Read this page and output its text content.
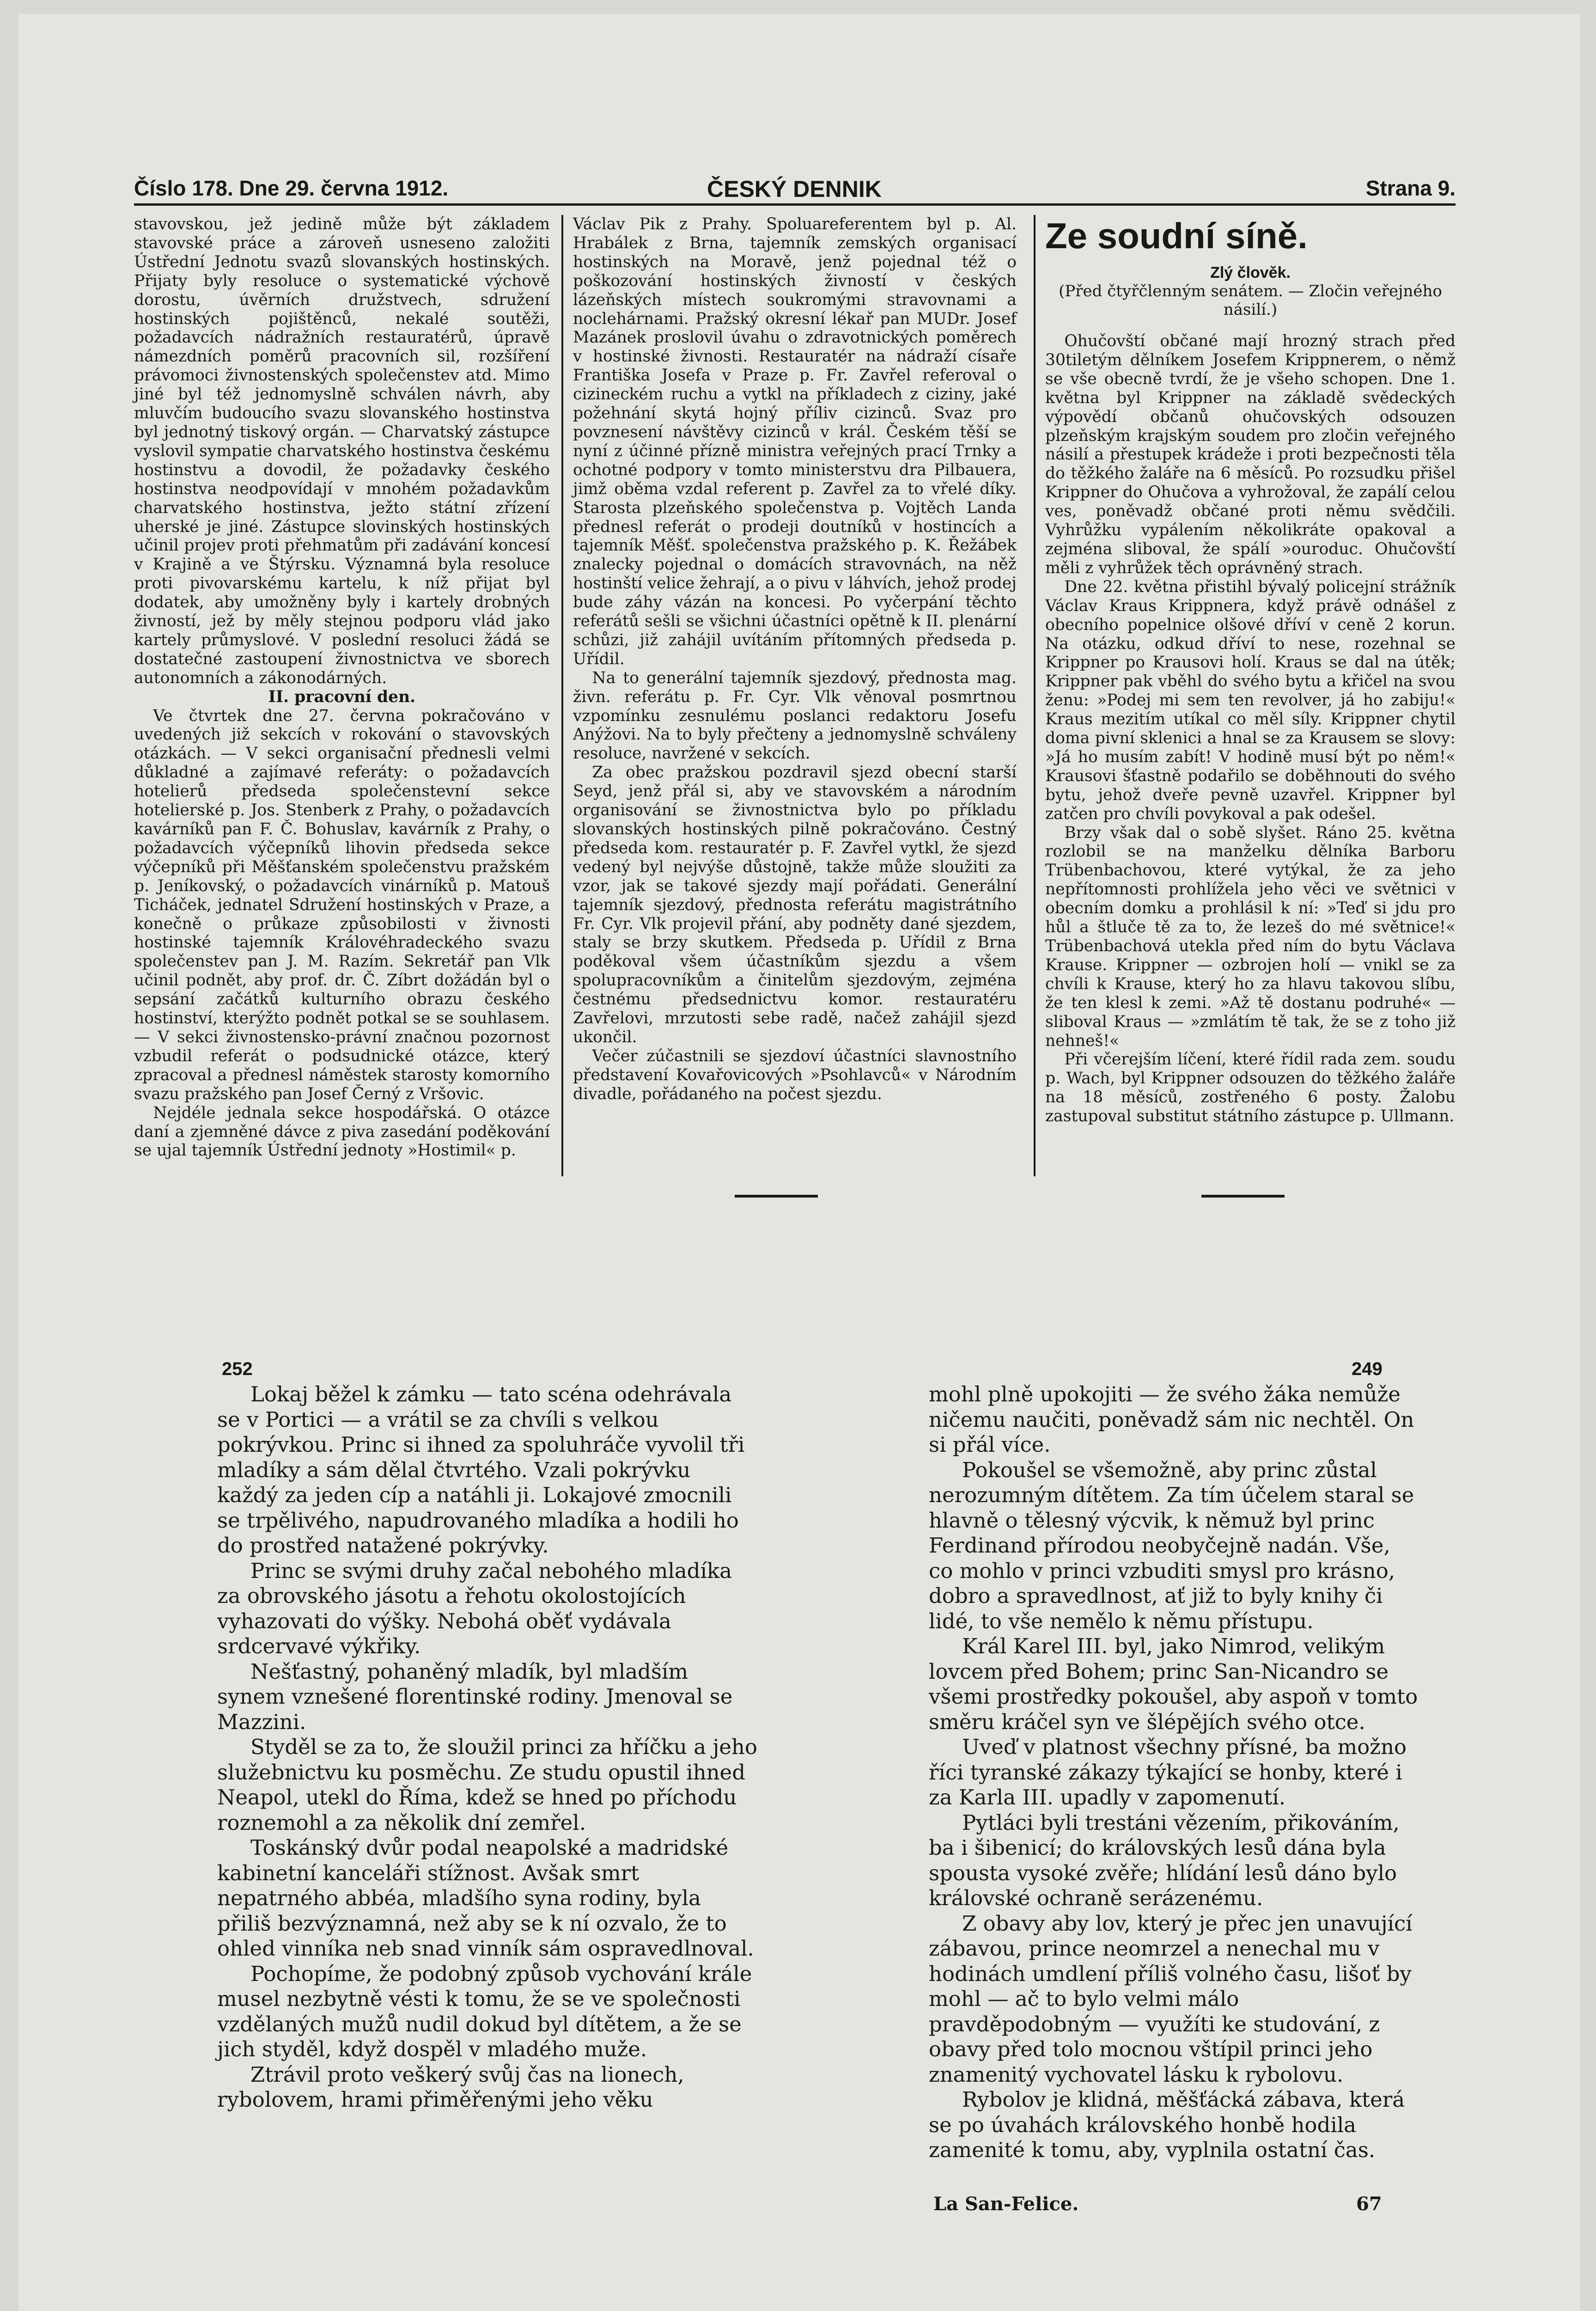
Číslo 178. Dne 29. června 1912.	ČESKÝ DENNIK	Strana 9.

stavovskou, jež jedině může být základem stavovské práce a zároveň usneseno založiti Ústřední Jednotu svazů slovanských hostinských. Přijaty byly resoluce o systematické výchově dorostu, úvěrních družstvech, sdružení hostinských pojištěnců, nekalé soutěži, požadavcích nádražních restauratérů, úpravě námezdních poměrů pracovních sil, rozšíření právomoci živnostenských společenstev atd. Mimo jiné byl též jednomyslně schválen návrh, aby mluvčím budoucího svazu slovanského hostinstva byl jednotný tiskový orgán. — Charvatský zástupce vyslovil sympatie charvatského hostinstva českému hostinstvu a dovodil, že požadavky českého hostinstva neodpovídají v mnohém požadavkům charvatského hostinstva, ježto státní zřízení uherské je jiné. Zástupce slovinských hostinských učinil projev proti přehmatům při zadávání koncesí v Krajině a ve Štýrsku. Významná byla resoluce proti pivovarskému kartelu, k níž přijat byl dodatek, aby umožněny byly i kartely drobných živností, jež by měly stejnou podporu vlád jako kartely průmyslové. V poslední resoluci žádá se dostatečné zastoupení živnostnictva ve sborech autonomních a zákonodárných.

II. pracovní den.

Ve čtvrtek dne 27. června pokračováno v uvedených již sekcích v rokování o stavovských otázkách. — V sekci organisační přednesli velmi důkladné a zajímavé referáty: o požadavcích hotelierů předseda společenstevní sekce hotelierské p. Jos. Stenberk z Prahy, o požadavcích kavárníků pan F. Č. Bohuslav, kavárník z Prahy, o požadavcích výčepníků lihovin předseda sekce výčepníků při Měšťanském společenstvu pražském p. Jeníkovský, o požadavcích vinárníků p. Matouš Ticháček, jednatel Sdružení hostinských v Praze, a konečně o průkaze způsobilosti v živnosti hostinské tajemník Královéhradeckého svazu společenstev pan J. M. Razím. Sekretář pan Vlk učinil podnět, aby prof. dr. Č. Zíbrt dožádán byl o sepsání začátků kulturního obrazu českého hostinství, kterýžto podnět potkal se se souhlasem. — V sekci živnostensko-právní značnou pozornost vzbudil referát o podsudnické otázce, který zpracoval a přednesl náměstek starosty komorního svazu pražského pan Josef Černý z Vršovic.

Nejdéle jednala sekce hospodářská. O otázce daní a zjemněné dávce z piva zasedání poděkování se ujal tajemník Ústřední jednoty »Hostimil« p.

Václav Pik z Prahy. Spoluareferentem byl p. Al. Hrabálek z Brna, tajemník zemských organisací hostinských na Moravě, jenž pojednal též o poškozování hostinských živností v českých lázeňských místech soukromými stravovnami a noclehárnami. Pražský okresní lékař pan MUDr. Josef Mazánek proslovil úvahu o zdravotnických poměrech v hostinské živnosti. Restauratér na nádraží císaře Františka Josefa v Praze p. Fr. Zavřel referoval o cizineckém ruchu a vytkl na příkladech z ciziny, jaké požehnání skytá hojný příliv cizinců. Svaz pro povznesení návštěvy cizinců v král. Českém těší se nyní z účinné přízně ministra veřejných prací Trnky a ochotné podpory v tomto ministerstvu dra Pilbauera, jimž oběma vzdal referent p. Zavřel za to vřelé díky. Starosta plzeňského společenstva p. Vojtěch Landa přednesl referát o prodeji doutníků v hostincích a tajemník Měšť. společenstva pražského p. K. Řežábek znalecky pojednal o domácích stravovnách, na něž hostinští velice žehrají, a o pivu v láhvích, jehož prodej bude záhy vázán na koncesi. Po vyčerpání těchto referátů sešli se všichni účastníci opětně k II. plenární schůzi, již zahájil uvítáním přítomných předseda p. Uřídil.

Na to generální tajemník sjezdový, přednosta mag. živn. referátu p. Fr. Cyr. Vlk věnoval posmrtnou vzpomínku zesnulému poslanci redaktoru Josefu Anýžovi. Na to byly přečteny a jednomyslně schváleny resoluce, navržené v sekcích.

Za obec pražskou pozdravil sjezd obecní starší Seyd, jenž přál si, aby ve stavovském a národním organisování se živnostnictva bylo po příkladu slovanských hostinských pilně pokračováno. Čestný předseda kom. restauratér p. F. Zavřel vytkl, že sjezd vedený byl nejvýše důstojně, takže může sloužiti za vzor, jak se takové sjezdy mají pořádati. Generální tajemník sjezdový, přednosta referátu magistrátního Fr. Cyr. Vlk projevil přání, aby podněty dané sjezdem, staly se brzy skutkem. Předseda p. Uřídil z Brna poděkoval všem účastníkům sjezdu a všem spolupracovníkům a činitelům sjezdovým, zejména čestnému předsednictvu komor. restauratéru Zavřelovi, mrzutosti sebe radě, načež zahájil sjezd ukončil.

Večer zúčastnili se sjezdoví účastníci slavnostního představení Kovařovicových »Psohlavců« v Národním divadle, pořádaného na počest sjezdu.

Ze soudní síně.
Zlý člověk.
(Před čtyřčlenným senátem. — Zločin veřejného násilí.)

Ohučovští občané mají hrozný strach před 30tiletým dělníkem Josefem Krippnerem, o němž se vše obecně tvrdí, že je všeho schopen. Dne 1. května byl Krippner na základě svědeckých výpovědí občanů ohučovských odsouzen plzeňským krajským soudem pro zločin veřejného násilí a přestupek krádeže i proti bezpečnosti těla do těžkého žaláře na 6 měsíců. Po rozsudku přišel Krippner do Ohučova a vyhrožoval, že zapálí celou ves, poněvadž občané proti němu svědčili. Vyhrůžku vypálením několikráte opakoval a zejména sliboval, že spálí »ouroduc. Ohučovští měli z vyhrůžek těch oprávněný strach.

Dne 22. května přistihl bývalý policejní strážník Václav Kraus Krippnera, když právě odnášel z obecního popelnice olšové dříví v ceně 2 korun. Na otázku, odkud dříví to nese, rozehnal se Krippner po Krausovi holí. Kraus se dal na útěk; Krippner pak vběhl do svého bytu a křičel na svou ženu: »Podej mi sem ten revolver, já ho zabiju!« Kraus mezitím utíkal co měl síly. Krippner chytil doma pivní sklenici a hnal se za Krausem se slovy: »Já ho musím zabít! V hodině musí být po něm!« Krausovi šťastně podařilo se doběhnouti do svého bytu, jehož dveře pevně uzavřel. Krippner byl zatčen pro chvíli povykoval a pak odešel.

Brzy však dal o sobě slyšet. Ráno 25. května rozlobil se na manželku dělníka Barboru Trübenbachovou, které vytýkal, že za jeho nepřítomnosti prohlížela jeho věci ve světnici v obecním domku a prohlásil k ní: »Teď si jdu pro hůl a štluče tě za to, že lezeš do mé světnice!« Trübenbachová utekla před ním do bytu Václava Krause. Krippner — ozbrojen holí — vnikl se za chvíli k Krause, který ho za hlavu takovou slíbu, že ten klesl k zemi. »Až tě dostanu podruhé« — sliboval Kraus — »zmlátím tě tak, že se z toho již nehneš!«

Při včerejším líčení, které řídil rada zem. soudu p. Wach, byl Krippner odsouzen do těžkého žaláře na 18 měsíců, zostřeného 6 posty. Žalobu zastupoval substitut státního zástupce p. Ullmann.

252

Lokaj běžel k zámku — tato scéna odehrávala se v Portici — a vrátil se za chvíli s velkou pokrývkou. Princ si ihned za spoluhráče vyvolil tři mladíky a sám dělal čtvrtého. Vzali pokrývku každý za jeden cíp a natáhli ji. Lokajové zmocnili se trpělivého, napudrovaného mladíka a hodili ho do prostřed natažené pokrývky.

Princ se svými druhy začal nebohého mladíka za obrovského jásotu a řehotu okolostojících vyhazovati do výšky. Nebohá oběť vydávala srdcervavé výkřiky.

Nešťastný, pohaněný mladík, byl mladším synem vznešené florentinské rodiny. Jmenoval se Mazzini.

Styděl se za to, že sloužil princi za hříčku a jeho služebnictvu ku posměchu. Ze studu opustil ihned Neapol, utekl do Říma, kdež se hned po příchodu roznemohl a za několik dní zemřel.

Toskánský dvůr podal neapolské a madridské kabinetní kanceláři stížnost. Avšak smrt nepatrného abbéa, mladšího syna rodiny, byla přiliš bezvýznamná, než aby se k ní ozvalo, že to ohled vinníka neb snad vinník sám ospravedlnoval.

Pochopíme, že podobný způsob vychování krále musel nezbytně vésti k tomu, že se ve společnosti vzdělaných mužů nudil dokud byl dítětem, a že se jich styděl, když dospěl v mladého muže.

Ztrávil proto veškerý svůj čas na lionech, rybolovem, hrami přiměřenými jeho věku

249

mohl plně upokojiti — že svého žáka nemůže ničemu naučiti, poněvadž sám nic nechtěl. On si přál více.

Pokoušel se všemožně, aby princ zůstal nerozumným dítětem. Za tím účelem staral se hlavně o tělesný výcvik, k němuž byl princ Ferdinand přírodou neobyčejně nadán. Vše, co mohlo v princi vzbuditi smysl pro krásno, dobro a spravedlnost, ať již to byly knihy či lidé, to vše nemělo k němu přístupu.

Král Karel III. byl, jako Nimrod, velikým lovcem před Bohem; princ San-Nicandro se všemi prostředky pokoušel, aby aspoň v tomto směru kráčel syn ve šlépějích svého otce.

Uveď v platnost všechny přísné, ba možno říci tyranské zákazy týkající se honby, které i za Karla III. upadly v zapomenutí.

Pytláci byli trestáni vězením, přikováním, ba i šibenicí; do královských lesů dána byla spousta vysoké zvěře; hlídání lesů dáno bylo královské ochraně serázenému.

Z obavy aby lov, který je přec jen unavující zábavou, prince neomrzel a nenechal mu v hodinách umdlení příliš volného času, lišoť by mohl — ač to bylo velmi málo pravděpodobným — využíti ke studování, z obavy před tolo mocnou vštípil princi jeho znamenitý vychovatel lásku k rybolovu.

Rybolov je klidná, měšťácká zábava, která se po úvahách královského honbě hodila zamenité k tomu, aby, vyplnila ostatní čas.

La San-Felice.	67
